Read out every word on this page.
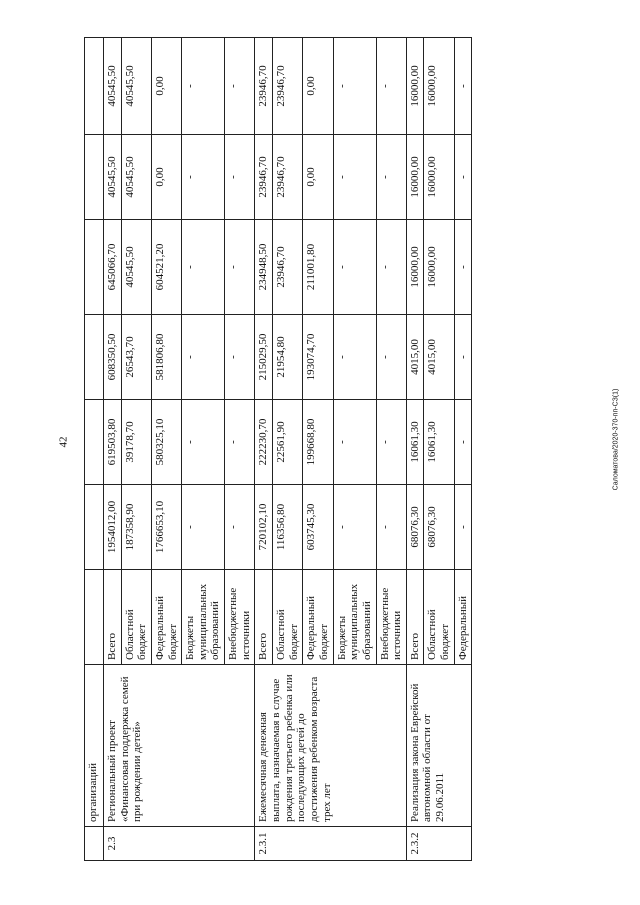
42	Саломатова/2020-370-пп-СЗ(1)
	организаций							
2.3	Региональный проект «Финансовая поддержка семей при рождении детей»	Всего	1954012,00	619503,80	608350,50	645066,70	40545,50	40545,50
		Областной бюджет	187358,90	39178,70	26543,70	40545,50	40545,50	40545,50
		Федеральный бюджет	1766653,10	580325,10	581806,80	604521,20	0,00	0,00
		Бюджеты муниципальных образований	-	-	-	-	-	-
		Внебюджетные источники	-	-	-	-	-	-
2.3.1	Ежемесячная денежная выплата, назначаемая в случае рождения третьего ребенка или последующих детей до достижения ребенком возраста трех лет	Всего	720102,10	222230,70	215029,50	234948,50	23946,70	23946,70
		Областной бюджет	116356,80	22561,90	21954,80	23946,70	23946,70	23946,70
		Федеральный бюджет	603745,30	199668,80	193074,70	211001,80	0,00	0,00
		Бюджеты муниципальных образований	-	-	-	-	-	-
		Внебюджетные источники	-	-	-	-	-	-
2.3.2	Реализация закона Еврейской автономной области от 29.06.2011	Всего	68076,30	16061,30	4015,00	16000,00	16000,00	16000,00
		Областной бюджет	68076,30	16061,30	4015,00	16000,00	16000,00	16000,00
		Федеральный	-	-	-	-	-	-
